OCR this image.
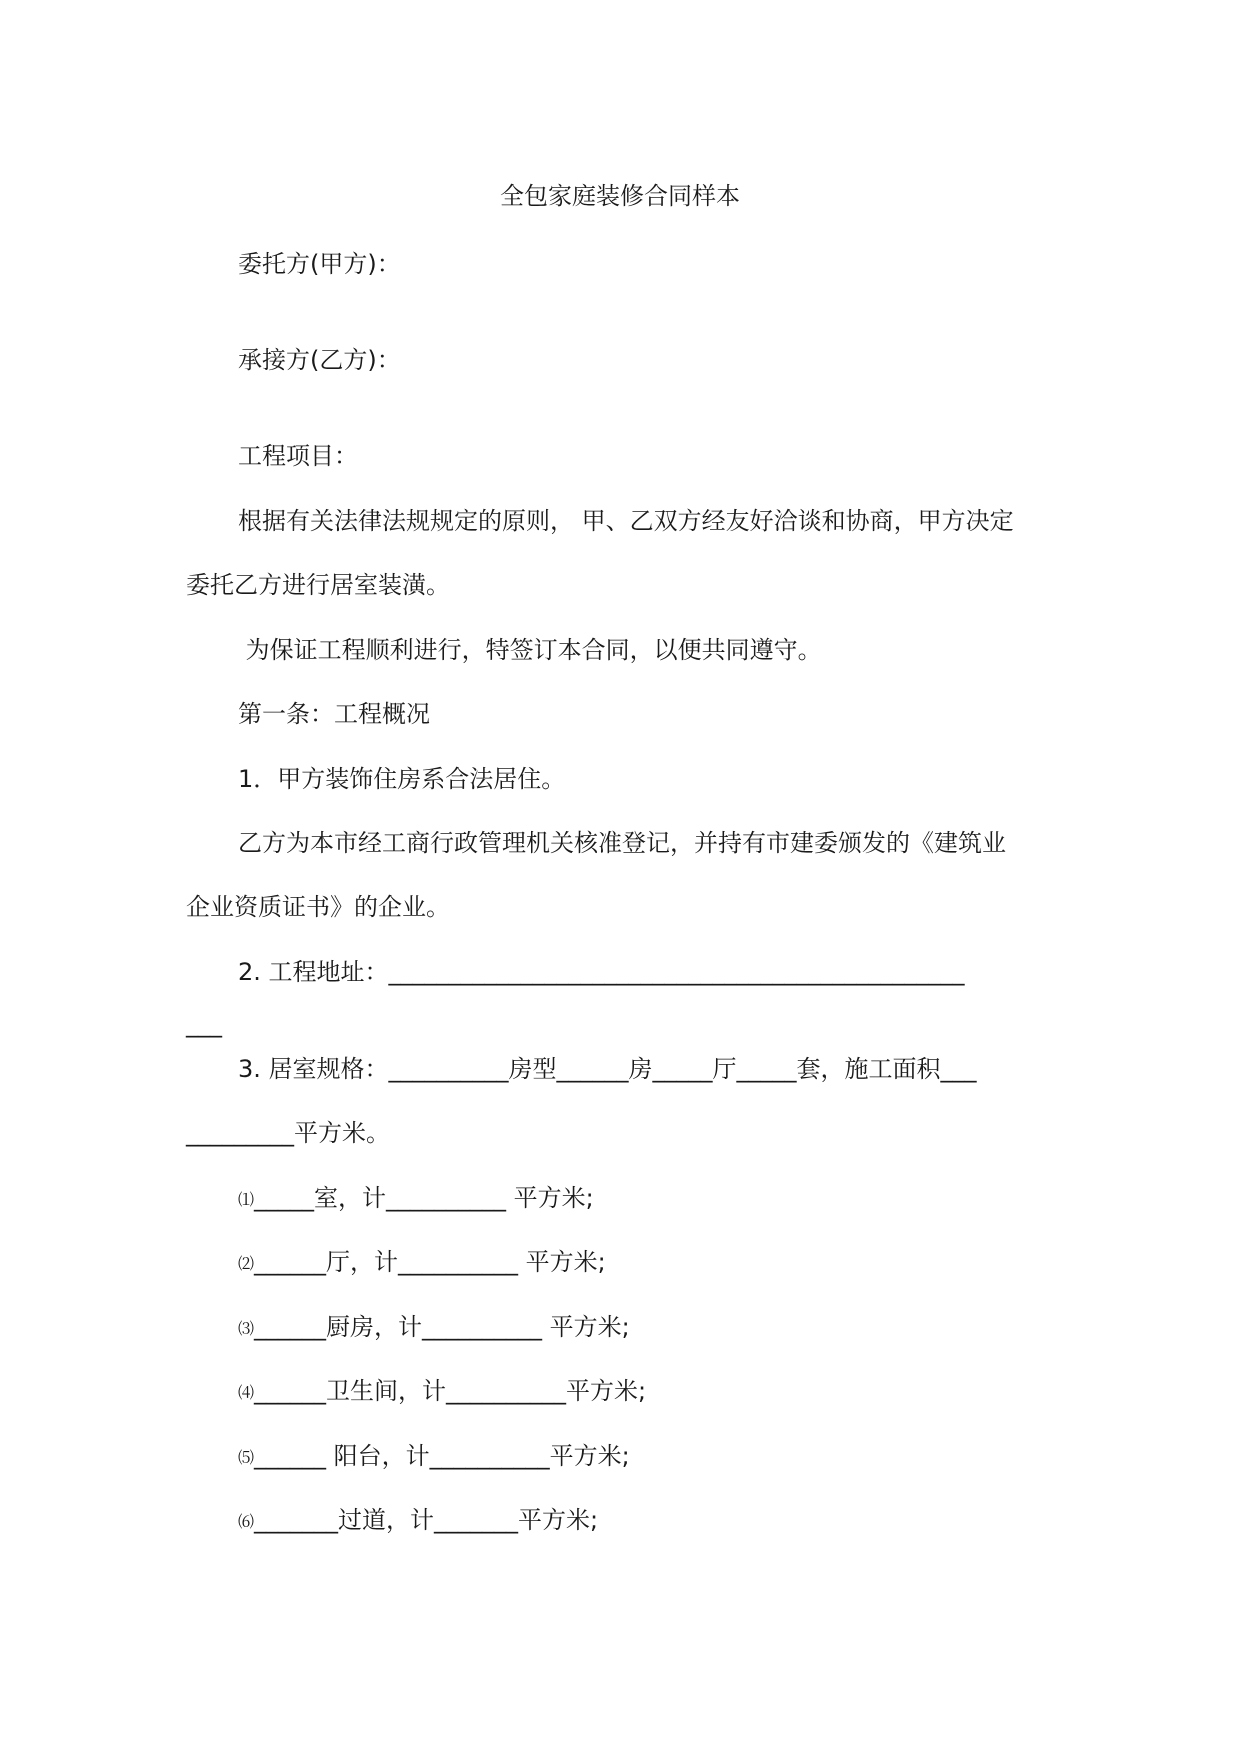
全包家庭装修合同样本
委托方(甲方)：
承接方(乙方)：
工程项目：
根据有关法律法规规定的原则， 甲、乙双方经友好洽谈和协商，甲方决定
委托乙方进行居室装潢。
为保证工程顺利进行，特签订本合同，以便共同遵守。
第一条：工程概况
1．甲方装饰住房系合法居住。
乙方为本市经工商行政管理机关核准登记，并持有市建委颁发的《建筑业
企业资质证书》的企业。
2. 工程地址：________________________________________________
___
3. 居室规格：__________房型______房_____厅_____套，施工面积___
_________平方米。
⑴_____室，计__________ 平方米;
⑵______厅，计__________ 平方米;
⑶______厨房，计__________ 平方米;
⑷______卫生间，计__________平方米;
⑸______ 阳台，计__________平方米;
⑹_______过道，计_______平方米;
